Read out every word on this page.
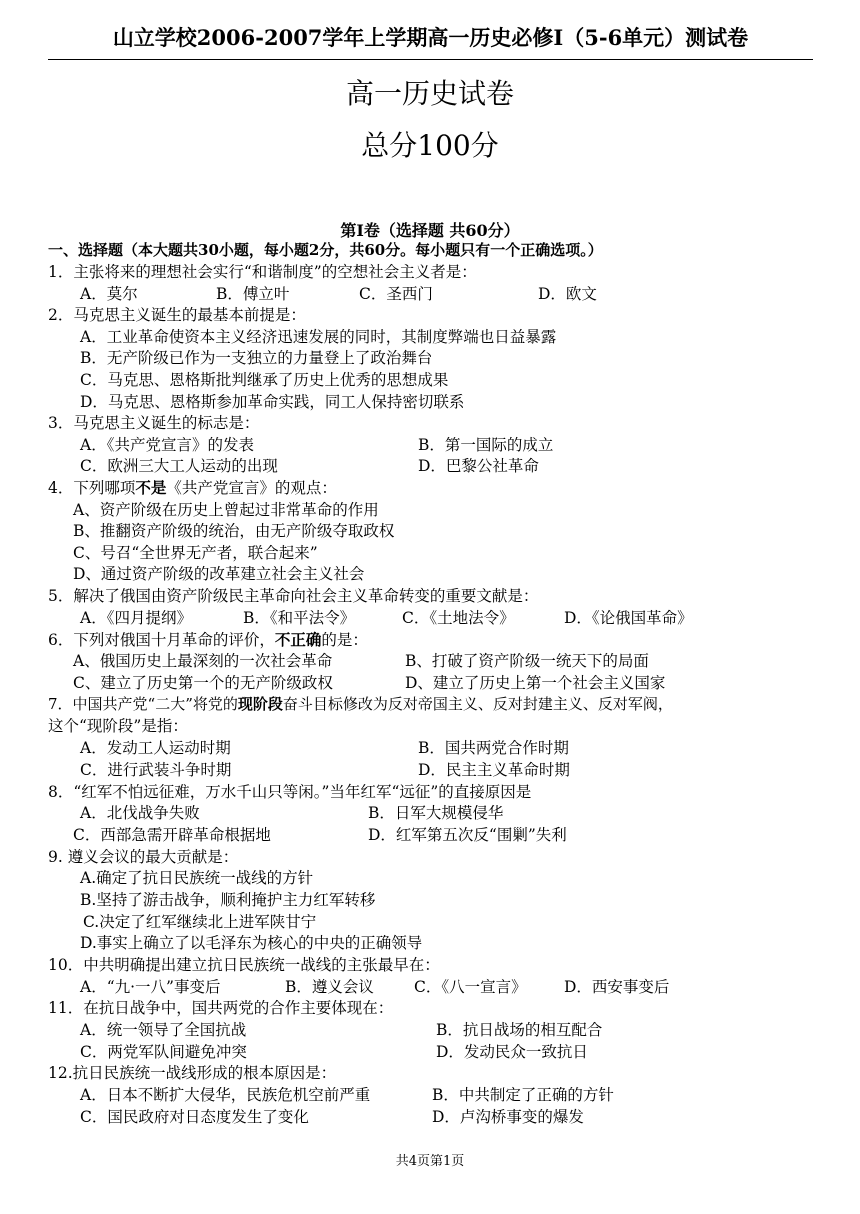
山立学校2006-2007学年上学期高一历史必修Ⅰ（5-6单元）测试卷
高一历史试卷
总分100分
第Ⅰ卷（选择题 共60分）
一、选择题（本大题共30小题，每小题2分，共60分。每小题只有一个正确选项。）
1．主张将来的理想社会实行“和谐制度”的空想社会主义者是：
A．莫尔	B．傅立叶	C．圣西门	D．欧文
2．马克思主义诞生的最基本前提是：
A．工业革命使资本主义经济迅速发展的同时，其制度弊端也日益暴露
B．无产阶级已作为一支独立的力量登上了政治舞台
C．马克思、恩格斯批判继承了历史上优秀的思想成果
D．马克思、恩格斯参加革命实践，同工人保持密切联系
3．马克思主义诞生的标志是：
A．《共产党宣言》的发表	B．第一国际的成立
C．欧洲三大工人运动的出现	D．巴黎公社革命
4．下列哪项不是《共产党宣言》的观点：
A、资产阶级在历史上曾起过非常革命的作用
B、推翻资产阶级的统治，由无产阶级夺取政权
C、号召“全世界无产者，联合起来”
D、通过资产阶级的改革建立社会主义社会
5．解决了俄国由资产阶级民主革命向社会主义革命转变的重要文献是：
A．《四月提纲》	B．《和平法令》	C．《土地法令》	D．《论俄国革命》
6．下列对俄国十月革命的评价，不正确的是：
A、俄国历史上最深刻的一次社会革命	B、打破了资产阶级一统天下的局面
C、建立了历史第一个的无产阶级政权	D、建立了历史上第一个社会主义国家
7．中国共产党“二大”将党的现阶段奋斗目标修改为反对帝国主义、反对封建主义、反对军阀，
这个“现阶段”是指：
A．发动工人运动时期	B．国共两党合作时期
C．进行武装斗争时期	D．民主主义革命时期
8．“红军不怕远征难，万水千山只等闲。”当年红军“远征”的直接原因是
A．北伐战争失败	B．日军大规模侵华
C．西部急需开辟革命根据地	D．红军第五次反“围剿”失利
9. 遵义会议的最大贡献是：
A.确定了抗日民族统一战线的方针
B.坚持了游击战争，顺利掩护主力红军转移
C.决定了红军继续北上进军陕甘宁
D.事实上确立了以毛泽东为核心的中央的正确领导
10．中共明确提出建立抗日民族统一战线的主张最早在：
A．“九·一八”事变后	B．遵义会议	C．《八一宣言》 D．西安事变后
11．在抗日战争中，国共两党的合作主要体现在：
A．统一领导了全国抗战	B．抗日战场的相互配合
C．两党军队间避免冲突	D．发动民众一致抗日
12.抗日民族统一战线形成的根本原因是：
A．日本不断扩大侵华，民族危机空前严重	B．中共制定了正确的方针
C．国民政府对日态度发生了变化	D．卢沟桥事变的爆发
共4页第1页
